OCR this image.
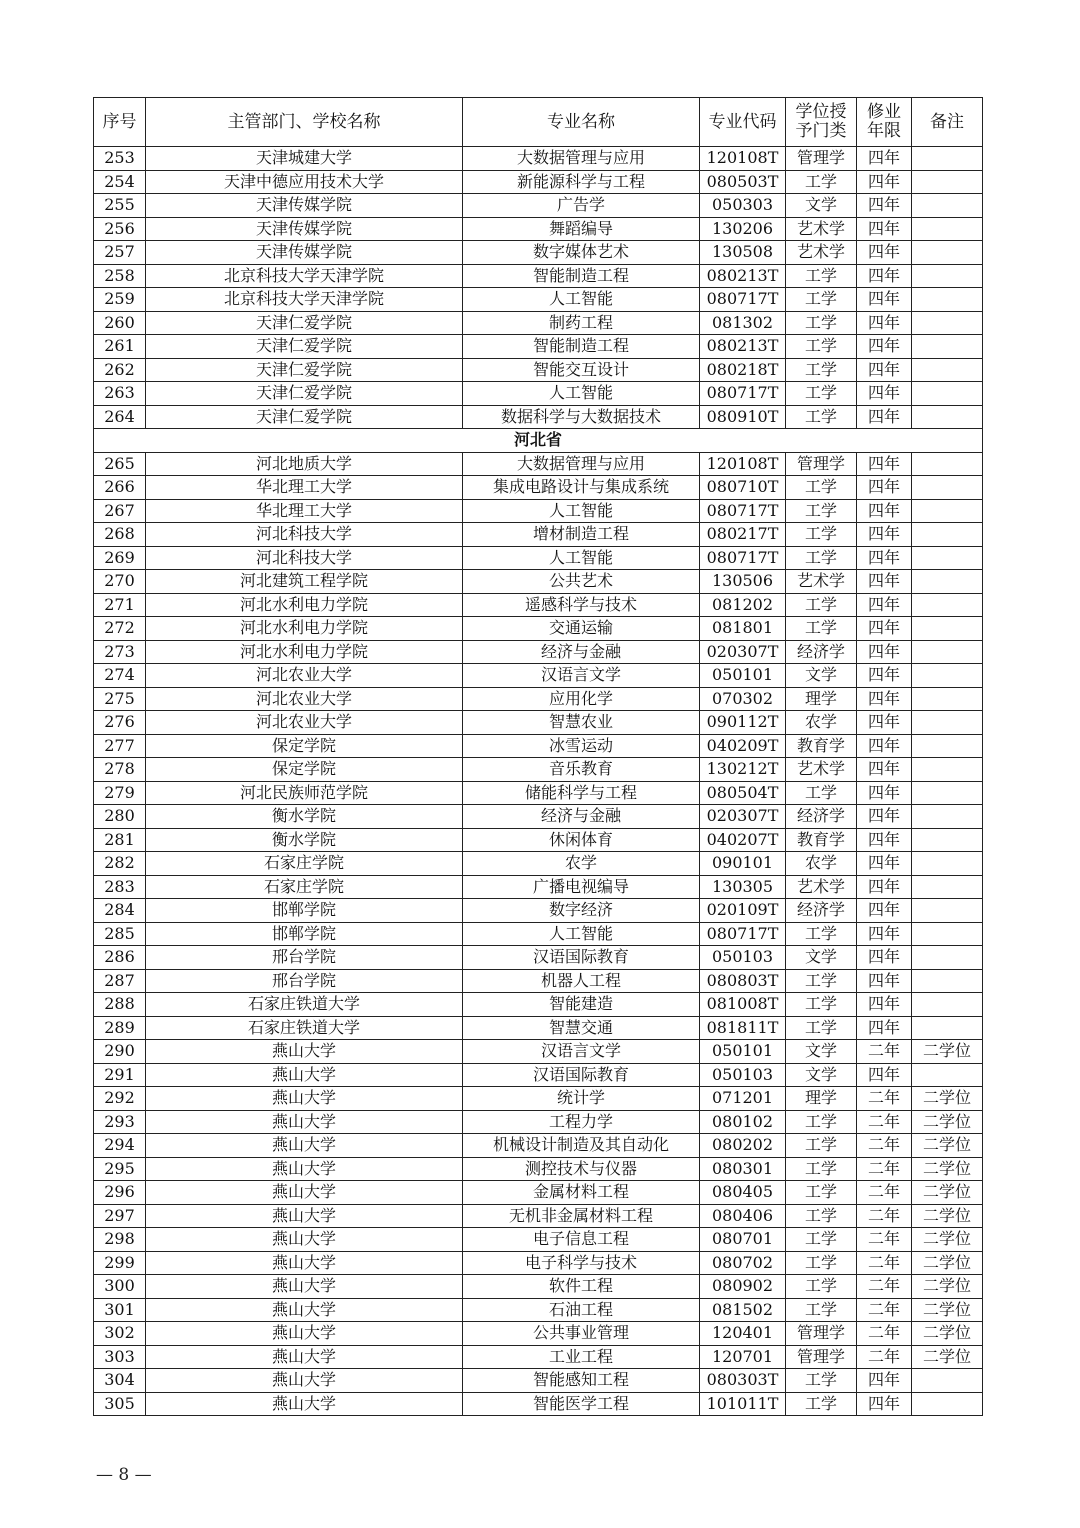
序号	主管部门、学校名称	专业名称	专业代码	学位授予门类	修业年限	备注
253	天津城建大学	大数据管理与应用	120108T	管理学	四年	
254	天津中德应用技术大学	新能源科学与工程	080503T	工学	四年	
255	天津传媒学院	广告学	050303	文学	四年	
256	天津传媒学院	舞蹈编导	130206	艺术学	四年	
257	天津传媒学院	数字媒体艺术	130508	艺术学	四年	
258	北京科技大学天津学院	智能制造工程	080213T	工学	四年	
259	北京科技大学天津学院	人工智能	080717T	工学	四年	
260	天津仁爱学院	制药工程	081302	工学	四年	
261	天津仁爱学院	智能制造工程	080213T	工学	四年	
262	天津仁爱学院	智能交互设计	080218T	工学	四年	
263	天津仁爱学院	人工智能	080717T	工学	四年	
264	天津仁爱学院	数据科学与大数据技术	080910T	工学	四年	
河北省						
265	河北地质大学	大数据管理与应用	120108T	管理学	四年	
266	华北理工大学	集成电路设计与集成系统	080710T	工学	四年	
267	华北理工大学	人工智能	080717T	工学	四年	
268	河北科技大学	增材制造工程	080217T	工学	四年	
269	河北科技大学	人工智能	080717T	工学	四年	
270	河北建筑工程学院	公共艺术	130506	艺术学	四年	
271	河北水利电力学院	遥感科学与技术	081202	工学	四年	
272	河北水利电力学院	交通运输	081801	工学	四年	
273	河北水利电力学院	经济与金融	020307T	经济学	四年	
274	河北农业大学	汉语言文学	050101	文学	四年	
275	河北农业大学	应用化学	070302	理学	四年	
276	河北农业大学	智慧农业	090112T	农学	四年	
277	保定学院	冰雪运动	040209T	教育学	四年	
278	保定学院	音乐教育	130212T	艺术学	四年	
279	河北民族师范学院	储能科学与工程	080504T	工学	四年	
280	衡水学院	经济与金融	020307T	经济学	四年	
281	衡水学院	休闲体育	040207T	教育学	四年	
282	石家庄学院	农学	090101	农学	四年	
283	石家庄学院	广播电视编导	130305	艺术学	四年	
284	邯郸学院	数字经济	020109T	经济学	四年	
285	邯郸学院	人工智能	080717T	工学	四年	
286	邢台学院	汉语国际教育	050103	文学	四年	
287	邢台学院	机器人工程	080803T	工学	四年	
288	石家庄铁道大学	智能建造	081008T	工学	四年	
289	石家庄铁道大学	智慧交通	081811T	工学	四年	
290	燕山大学	汉语言文学	050101	文学	二年	二学位
291	燕山大学	汉语国际教育	050103	文学	四年	
292	燕山大学	统计学	071201	理学	二年	二学位
293	燕山大学	工程力学	080102	工学	二年	二学位
294	燕山大学	机械设计制造及其自动化	080202	工学	二年	二学位
295	燕山大学	测控技术与仪器	080301	工学	二年	二学位
296	燕山大学	金属材料工程	080405	工学	二年	二学位
297	燕山大学	无机非金属材料工程	080406	工学	二年	二学位
298	燕山大学	电子信息工程	080701	工学	二年	二学位
299	燕山大学	电子科学与技术	080702	工学	二年	二学位
300	燕山大学	软件工程	080902	工学	二年	二学位
301	燕山大学	石油工程	081502	工学	二年	二学位
302	燕山大学	公共事业管理	120401	管理学	二年	二学位
303	燕山大学	工业工程	120701	管理学	二年	二学位
304	燕山大学	智能感知工程	080303T	工学	四年	
305	燕山大学	智能医学工程	101011T	工学	四年	
— 8 —
